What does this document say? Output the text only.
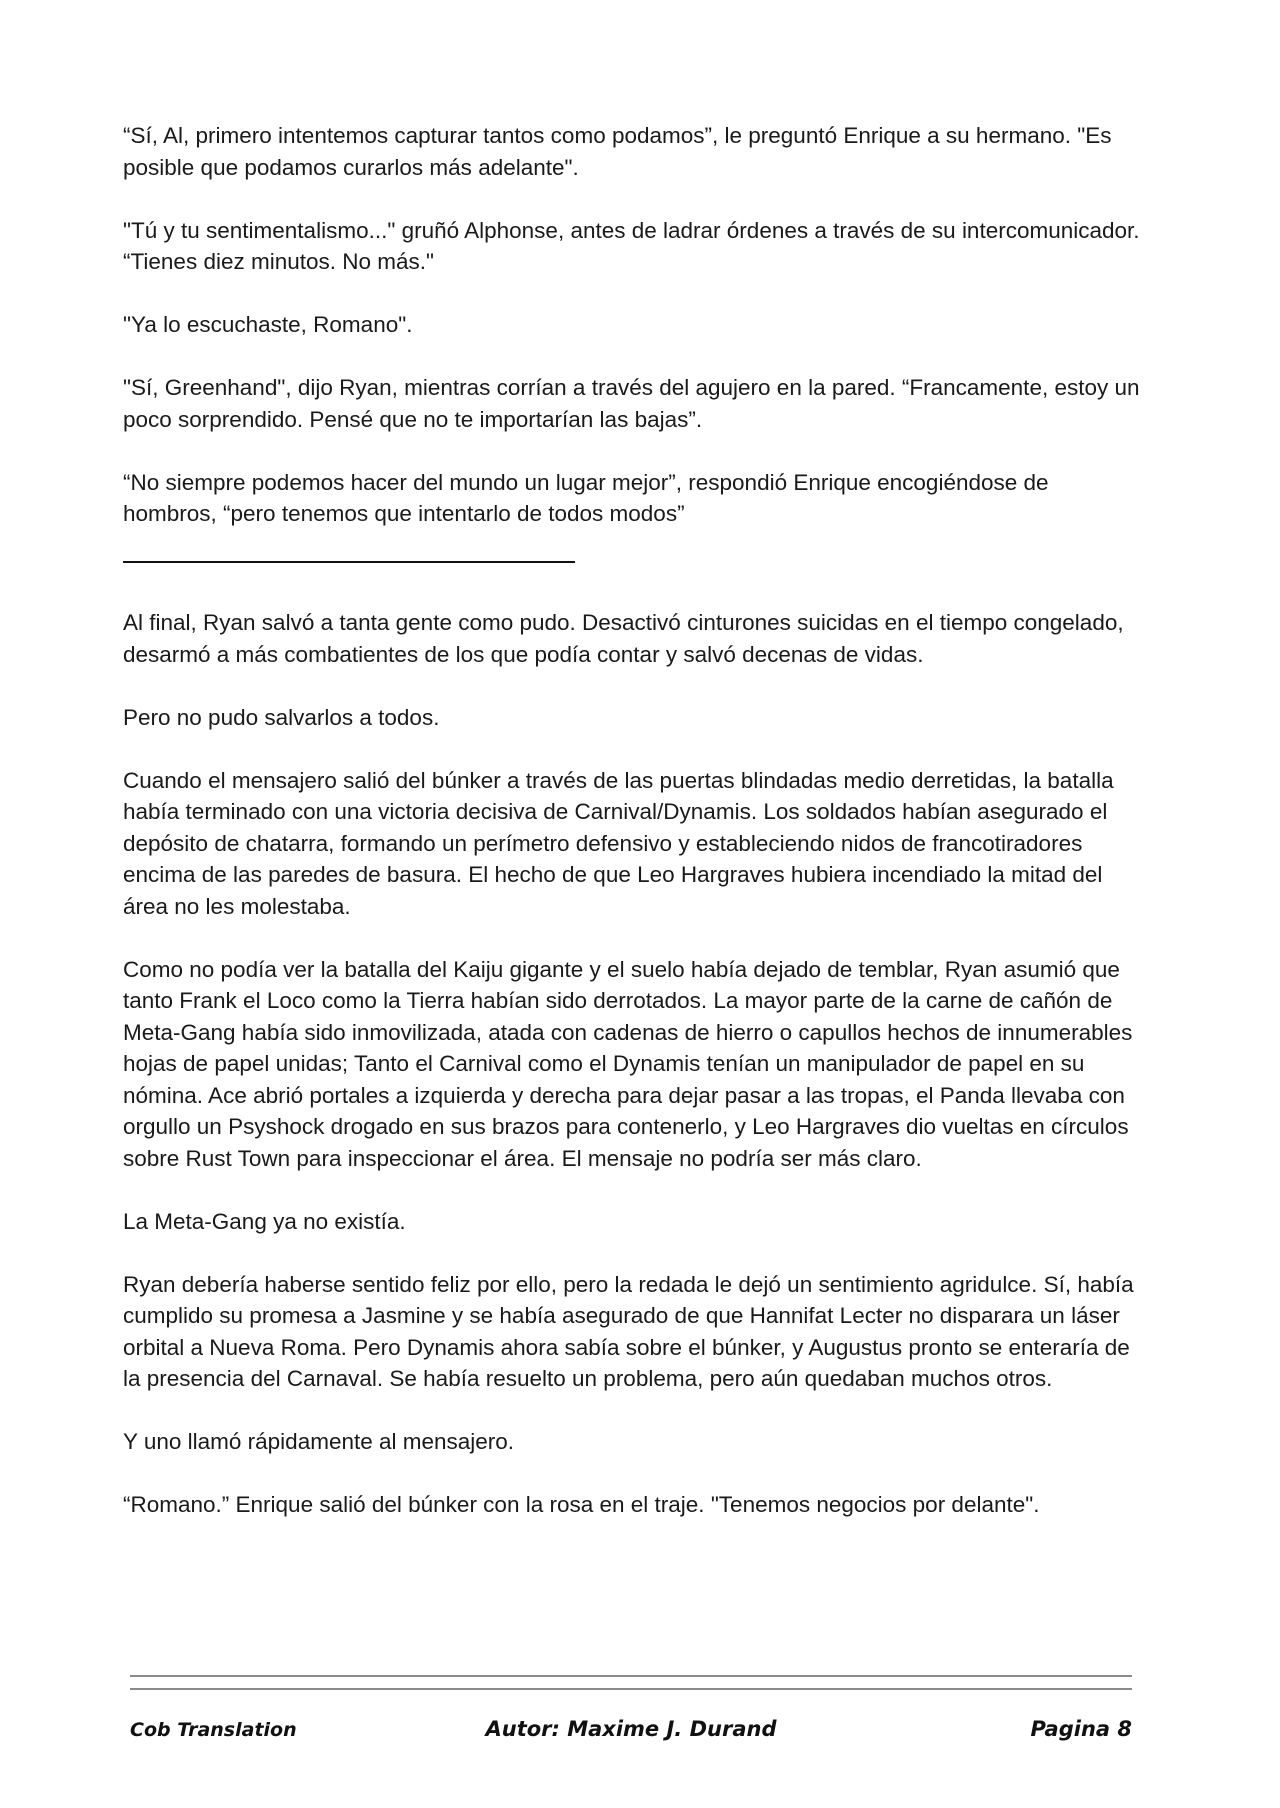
“Sí, Al, primero intentemos capturar tantos como podamos”, le preguntó Enrique a su hermano. "Es posible que podamos curarlos más adelante".

"Tú y tu sentimentalismo..." gruñó Alphonse, antes de ladrar órdenes a través de su intercomunicador. “Tienes diez minutos. No más."

"Ya lo escuchaste, Romano".

"Sí, Greenhand", dijo Ryan, mientras corrían a través del agujero en la pared. “Francamente, estoy un poco sorprendido. Pensé que no te importarían las bajas”.

“No siempre podemos hacer del mundo un lugar mejor”, respondió Enrique encogiéndose de hombros, “pero tenemos que intentarlo de todos modos”

Al final, Ryan salvó a tanta gente como pudo. Desactivó cinturones suicidas en el tiempo congelado, desarmó a más combatientes de los que podía contar y salvó decenas de vidas.

Pero no pudo salvarlos a todos.

Cuando el mensajero salió del búnker a través de las puertas blindadas medio derretidas, la batalla había terminado con una victoria decisiva de Carnival/Dynamis. Los soldados habían asegurado el depósito de chatarra, formando un perímetro defensivo y estableciendo nidos de francotiradores encima de las paredes de basura. El hecho de que Leo Hargraves hubiera incendiado la mitad del área no les molestaba.

Como no podía ver la batalla del Kaiju gigante y el suelo había dejado de temblar, Ryan asumió que tanto Frank el Loco como la Tierra habían sido derrotados. La mayor parte de la carne de cañón de Meta-Gang había sido inmovilizada, atada con cadenas de hierro o capullos hechos de innumerables hojas de papel unidas; Tanto el Carnival como el Dynamis tenían un manipulador de papel en su nómina. Ace abrió portales a izquierda y derecha para dejar pasar a las tropas, el Panda llevaba con orgullo un Psyshock drogado en sus brazos para contenerlo, y Leo Hargraves dio vueltas en círculos sobre Rust Town para inspeccionar el área. El mensaje no podría ser más claro.

La Meta-Gang ya no existía.

Ryan debería haberse sentido feliz por ello, pero la redada le dejó un sentimiento agridulce. Sí, había cumplido su promesa a Jasmine y se había asegurado de que Hannifat Lecter no disparara un láser orbital a Nueva Roma. Pero Dynamis ahora sabía sobre el búnker, y Augustus pronto se enteraría de la presencia del Carnaval. Se había resuelto un problema, pero aún quedaban muchos otros.

Y uno llamó rápidamente al mensajero.

“Romano.” Enrique salió del búnker con la rosa en el traje. "Tenemos negocios por delante".

Cob Translation	Autor: Maxime J. Durand	Pagina 8
